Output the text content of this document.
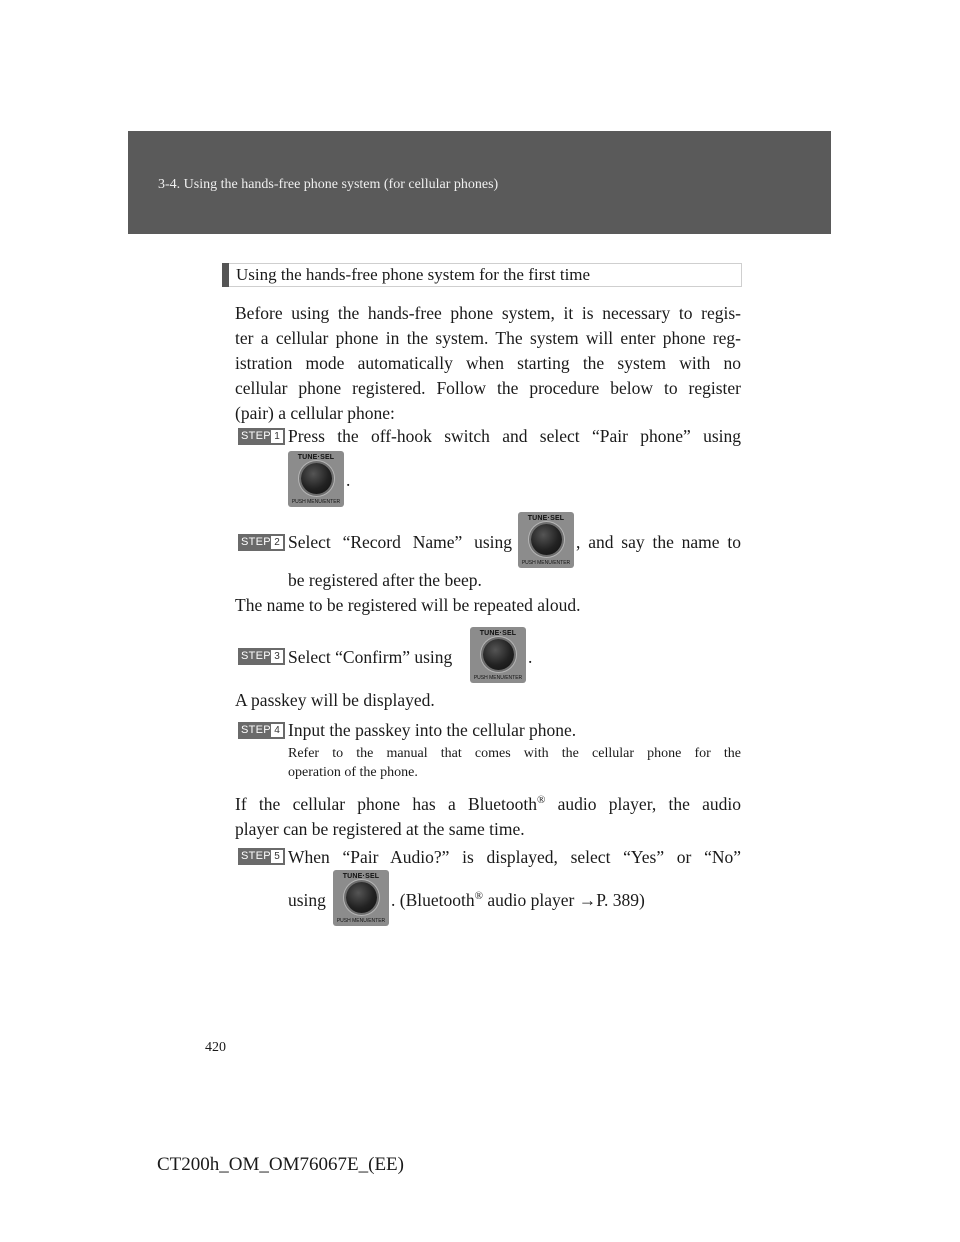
3-4. Using the hands-free phone system (for cellular phones)
Using the hands-free phone system for the first time
Before using the hands-free phone system, it is necessary to regis-
ter a cellular phone in the system. The system will enter phone reg-
istration mode automatically when starting the system with no
cellular phone registered. Follow the procedure below to register
(pair) a cellular phone:
STEP 1 Press the off-hook switch and select “Pair phone” using
TUNE·SEL
PUSH MENU/ENTER
.
STEP 2 Select “Record Name” using
TUNE·SEL
PUSH MENU/ENTER
, and say the name to
be registered after the beep.
The name to be registered will be repeated aloud.
STEP 3 Select “Confirm” using
TUNE·SEL
PUSH MENU/ENTER
.
A passkey will be displayed.
STEP 4 Input the passkey into the cellular phone.
Refer to the manual that comes with the cellular phone for the
operation of the phone.
If the cellular phone has a Bluetooth® audio player, the audio
player can be registered at the same time.
STEP 5 When “Pair Audio?” is displayed, select “Yes” or “No”
using
TUNE·SEL
PUSH MENU/ENTER
. (Bluetooth® audio player →P. 389)
420
CT200h_OM_OM76067E_(EE)
